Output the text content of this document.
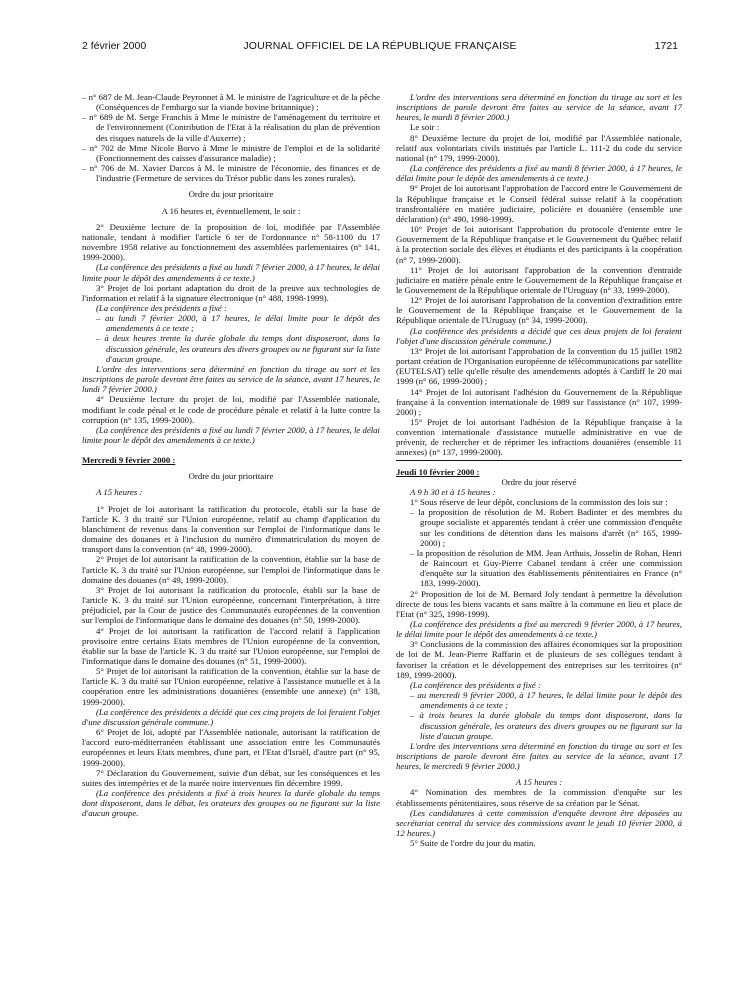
2 février 2000	JOURNAL OFFICIEL DE LA RÉPUBLIQUE FRANÇAISE	1721

– n° 687 de M. Jean-Claude Peyronnet à M. le ministre de l'agriculture et de la pêche (Conséquences de l'embargo sur la viande bovine britannique) ;

– n° 689 de M. Serge Franchis à Mme le ministre de l'aménagement du territoire et de l'environnement (Contribution de l'Etat à la réalisation du plan de prévention des risques naturels de la ville d'Auxerre) ;

– n° 702 de Mme Nicole Borvo à Mme le ministre de l'emploi et de la solidarité (Fonctionnement des caisses d'assurance maladie) ;

– n° 706 de M. Xavier Darcos à M. le ministre de l'économie, des finances et de l'industrie (Fermeture de services du Trésor public dans les zones rurales).

Ordre du jour prioritaire

A 16 heures et, éventuellement, le soir :

2° Deuxième lecture de la proposition de loi, modifiée par l'Assemblée nationale, tendant à modifier l'article 6 ter de l'ordonnance n° 58-1100 du 17 novembre 1958 relative au fonctionnement des assemblées parlementaires (n° 141, 1999-2000).

(La conférence des présidents a fixé au lundi 7 février 2000, à 17 heures, le délai limite pour le dépôt des amendements à ce texte.)

3° Projet de loi portant adaptation du droit de la preuve aux technologies de l'information et relatif à la signature électronique (n° 488, 1998-1999).

(La conférence des présidents a fixé :

– au lundi 7 février 2000, à 17 heures, le délai limite pour le dépôt des amendements à ce texte ;

– à deux heures trente la durée globale du temps dont disposeront, dans la discussion générale, les orateurs des divers groupes ou ne figurant sur la liste d'aucun groupe.

L'ordre des interventions sera déterminé en fonction du tirage au sort et les inscriptions de parole devront être faites au service de la séance, avant 17 heures, le lundi 7 février 2000.)

4° Deuxième lecture du projet de loi, modifié par l'Assemblée nationale, modifiant le code pénal et le code de procédure pénale et relatif à la lutte contre la corruption (n° 135, 1999-2000).

(La conférence des présidents a fixé au lundi 7 février 2000, à 17 heures, le délai limite pour le dépôt des amendements à ce texte.)

Mercredi 9 février 2000 :

Ordre du jour prioritaire

A 15 heures :

1° Projet de loi autorisant la ratification du protocole, établi sur la base de l'article K. 3 du traité sur l'Union européenne, relatif au champ d'application du blanchiment de revenus dans la convention sur l'emploi de l'informatique dans le domaine des douanes et à l'inclusion du numéro d'immatriculation du moyen de transport dans la convention (n° 48, 1999-2000).

2° Projet de loi autorisant la ratification de la convention, établie sur la base de l'article K. 3 du traité sur l'Union européenne, sur l'emploi de l'informatique dans le domaine des douanes (n° 49, 1999-2000).

3° Projet de loi autorisant la ratification du protocole, établi sur la base de l'article K. 3 du traité sur l'Union européenne, concernant l'interprétation, à titre préjudiciel, par la Cour de justice des Communautés européennes de la convention sur l'emploi de l'informatique dans le domaine des douanes (n° 50, 1999-2000).

4° Projet de loi autorisant la ratification de l'accord relatif à l'application provisoire entre certains Etats membres de l'Union européenne de la convention, établie sur la base de l'article K. 3 du traité sur l'Union européenne, sur l'emploi de l'informatique dans le domaine des douanes (n° 51, 1999-2000).

5° Projet de loi autorisant la ratification de la convention, établie sur la base de l'article K. 3 du traité sur l'Union européenne, relative à l'assistance mutuelle et à la coopération entre les administrations douanières (ensemble une annexe) (n° 138, 1999-2000).

(La conférence des présidents a décidé que ces cinq projets de loi feraient l'objet d'une discussion générale commune.)

6° Projet de loi, adopté par l'Assemblée nationale, autorisant la ratification de l'accord euro-méditerranéen établissant une association entre les Communautés européennes et leurs Etats membres, d'une part, et l'Etat d'Israël, d'autre part (n° 95, 1999-2000).

7° Déclaration du Gouvernement, suivie d'un débat, sur les conséquences et les suites des intempéries et de la marée noire intervenues fin décembre 1999.

(La conférence des présidents a fixé à trois heures la durée globale du temps dont disposeront, dans le débat, les orateurs des groupes ou ne figurant sur la liste d'aucun groupe.

L'ordre des interventions sera déterminé en fonction du tirage au sort et les inscriptions de parole devront être faites au service de la séance, avant 17 heures, le mardi 8 février 2000.)

Le soir :

8° Deuxième lecture du projet de loi, modifié par l'Assemblée nationale, relatif aux volontariats civils institués par l'article L. 111-2 du code du service national (n° 179, 1999-2000).

(La conférence des présidents a fixé au mardi 8 février 2000, à 17 heures, le délai limite pour le dépôt des amendements à ce texte.)

9° Projet de loi autorisant l'approbation de l'accord entre le Gouvernement de la République française et le Conseil fédéral suisse relatif à la coopération transfrontalière en matière judiciaire, policière et douanière (ensemble une déclaration) (n° 490, 1998-1999).

10° Projet de loi autorisant l'approbation du protocole d'entente entre le Gouvernement de la République française et le Gouvernement du Québec relatif à la protection sociale des élèves et étudiants et des participants à la coopération (n° 7, 1999-2000).

11° Projet de loi autorisant l'approbation de la convention d'entraide judiciaire en matière pénale entre le Gouvernement de la République française et le Gouvernement de la République orientale de l'Uruguay (n° 33, 1999-2000).

12° Projet de loi autorisant l'approbation de la convention d'extradition entre le Gouvernement de la République française et le Gouvernement de la République orientale de l'Uruguay (n° 34, 1999-2000).

(La conférence des présidents a décidé que ces deux projets de loi feraient l'objet d'une discussion générale commune.)

13° Projet de loi autorisant l'approbation de la convention du 15 juillet 1982 portant création de l'Organisation européenne de télécommunications par satellite (EUTELSAT) telle qu'elle résulte des amendements adoptés à Cardiff le 20 mai 1999 (n° 66, 1999-2000) ;

14° Projet de loi autorisant l'adhésion du Gouvernement de la République française à la convention internationale de 1989 sur l'assistance (n° 107, 1999-2000) ;

15° Projet de loi autorisant l'adhésion de la République française à la convention internationale d'assistance mutuelle administrative en vue de prévenir, de rechercher et de réprimer les infractions douanières (ensemble 11 annexes) (n° 137, 1999-2000).

Jeudi 10 février 2000 :

Ordre du jour réservé

A 9 h 30 et à 15 heures :

1° Sous réserve de leur dépôt, conclusions de la commission des lois sur :

– la proposition de résolution de M. Robert Badinter et des membres du groupe socialiste et apparentés tendant à créer une commission d'enquête sur les conditions de détention dans les maisons d'arrêt (n° 165, 1999-2000) ;

– la proposition de résolution de MM. Jean Arthuis, Josselin de Rohan, Henri de Raincourt et Guy-Pierre Cabanel tendant à créer une commission d'enquête sur la situation des établissements pénitentiaires en France (n° 183, 1999-2000).

2° Proposition de loi de M. Bernard Joly tendant à permettre la dévolution directe de tous les biens vacants et sans maître à la commune en lieu et place de l'Etat (n° 325, 1998-1999).

(La conférence des présidents a fixé au mercredi 9 février 2000, à 17 heures, le délai limite pour le dépôt des amendements à ce texte.)

3° Conclusions de la commission des affaires économiques sur la proposition de loi de M. Jean-Pierre Raffarin et de plusieurs de ses collègues tendant à favoriser la création et le développement des entreprises sur les territoires (n° 189, 1999-2000).

(La conférence des présidents a fixé :

– au mercredi 9 février 2000, à 17 heures, le délai limite pour le dépôt des amendements à ce texte ;

– à trois heures la durée globale du temps dont disposeront, dans la discussion générale, les orateurs des divers groupes ou ne figurant sur la liste d'aucun groupe.

L'ordre des interventions sera déterminé en fonction du tirage au sort et les inscriptions de parole devront être faites au service de la séance, avant 17 heures, le mercredi 9 février 2000.)

A 15 heures :

4° Nomination des membres de la commission d'enquête sur les établissements pénitentiaires, sous réserve de sa création par le Sénat.

(Les candidatures à cette commission d'enquête devront être déposées au secrétariat central du service des commissions avant le jeudi 10 février 2000, à 12 heures.)

5° Suite de l'ordre du jour du matin.
